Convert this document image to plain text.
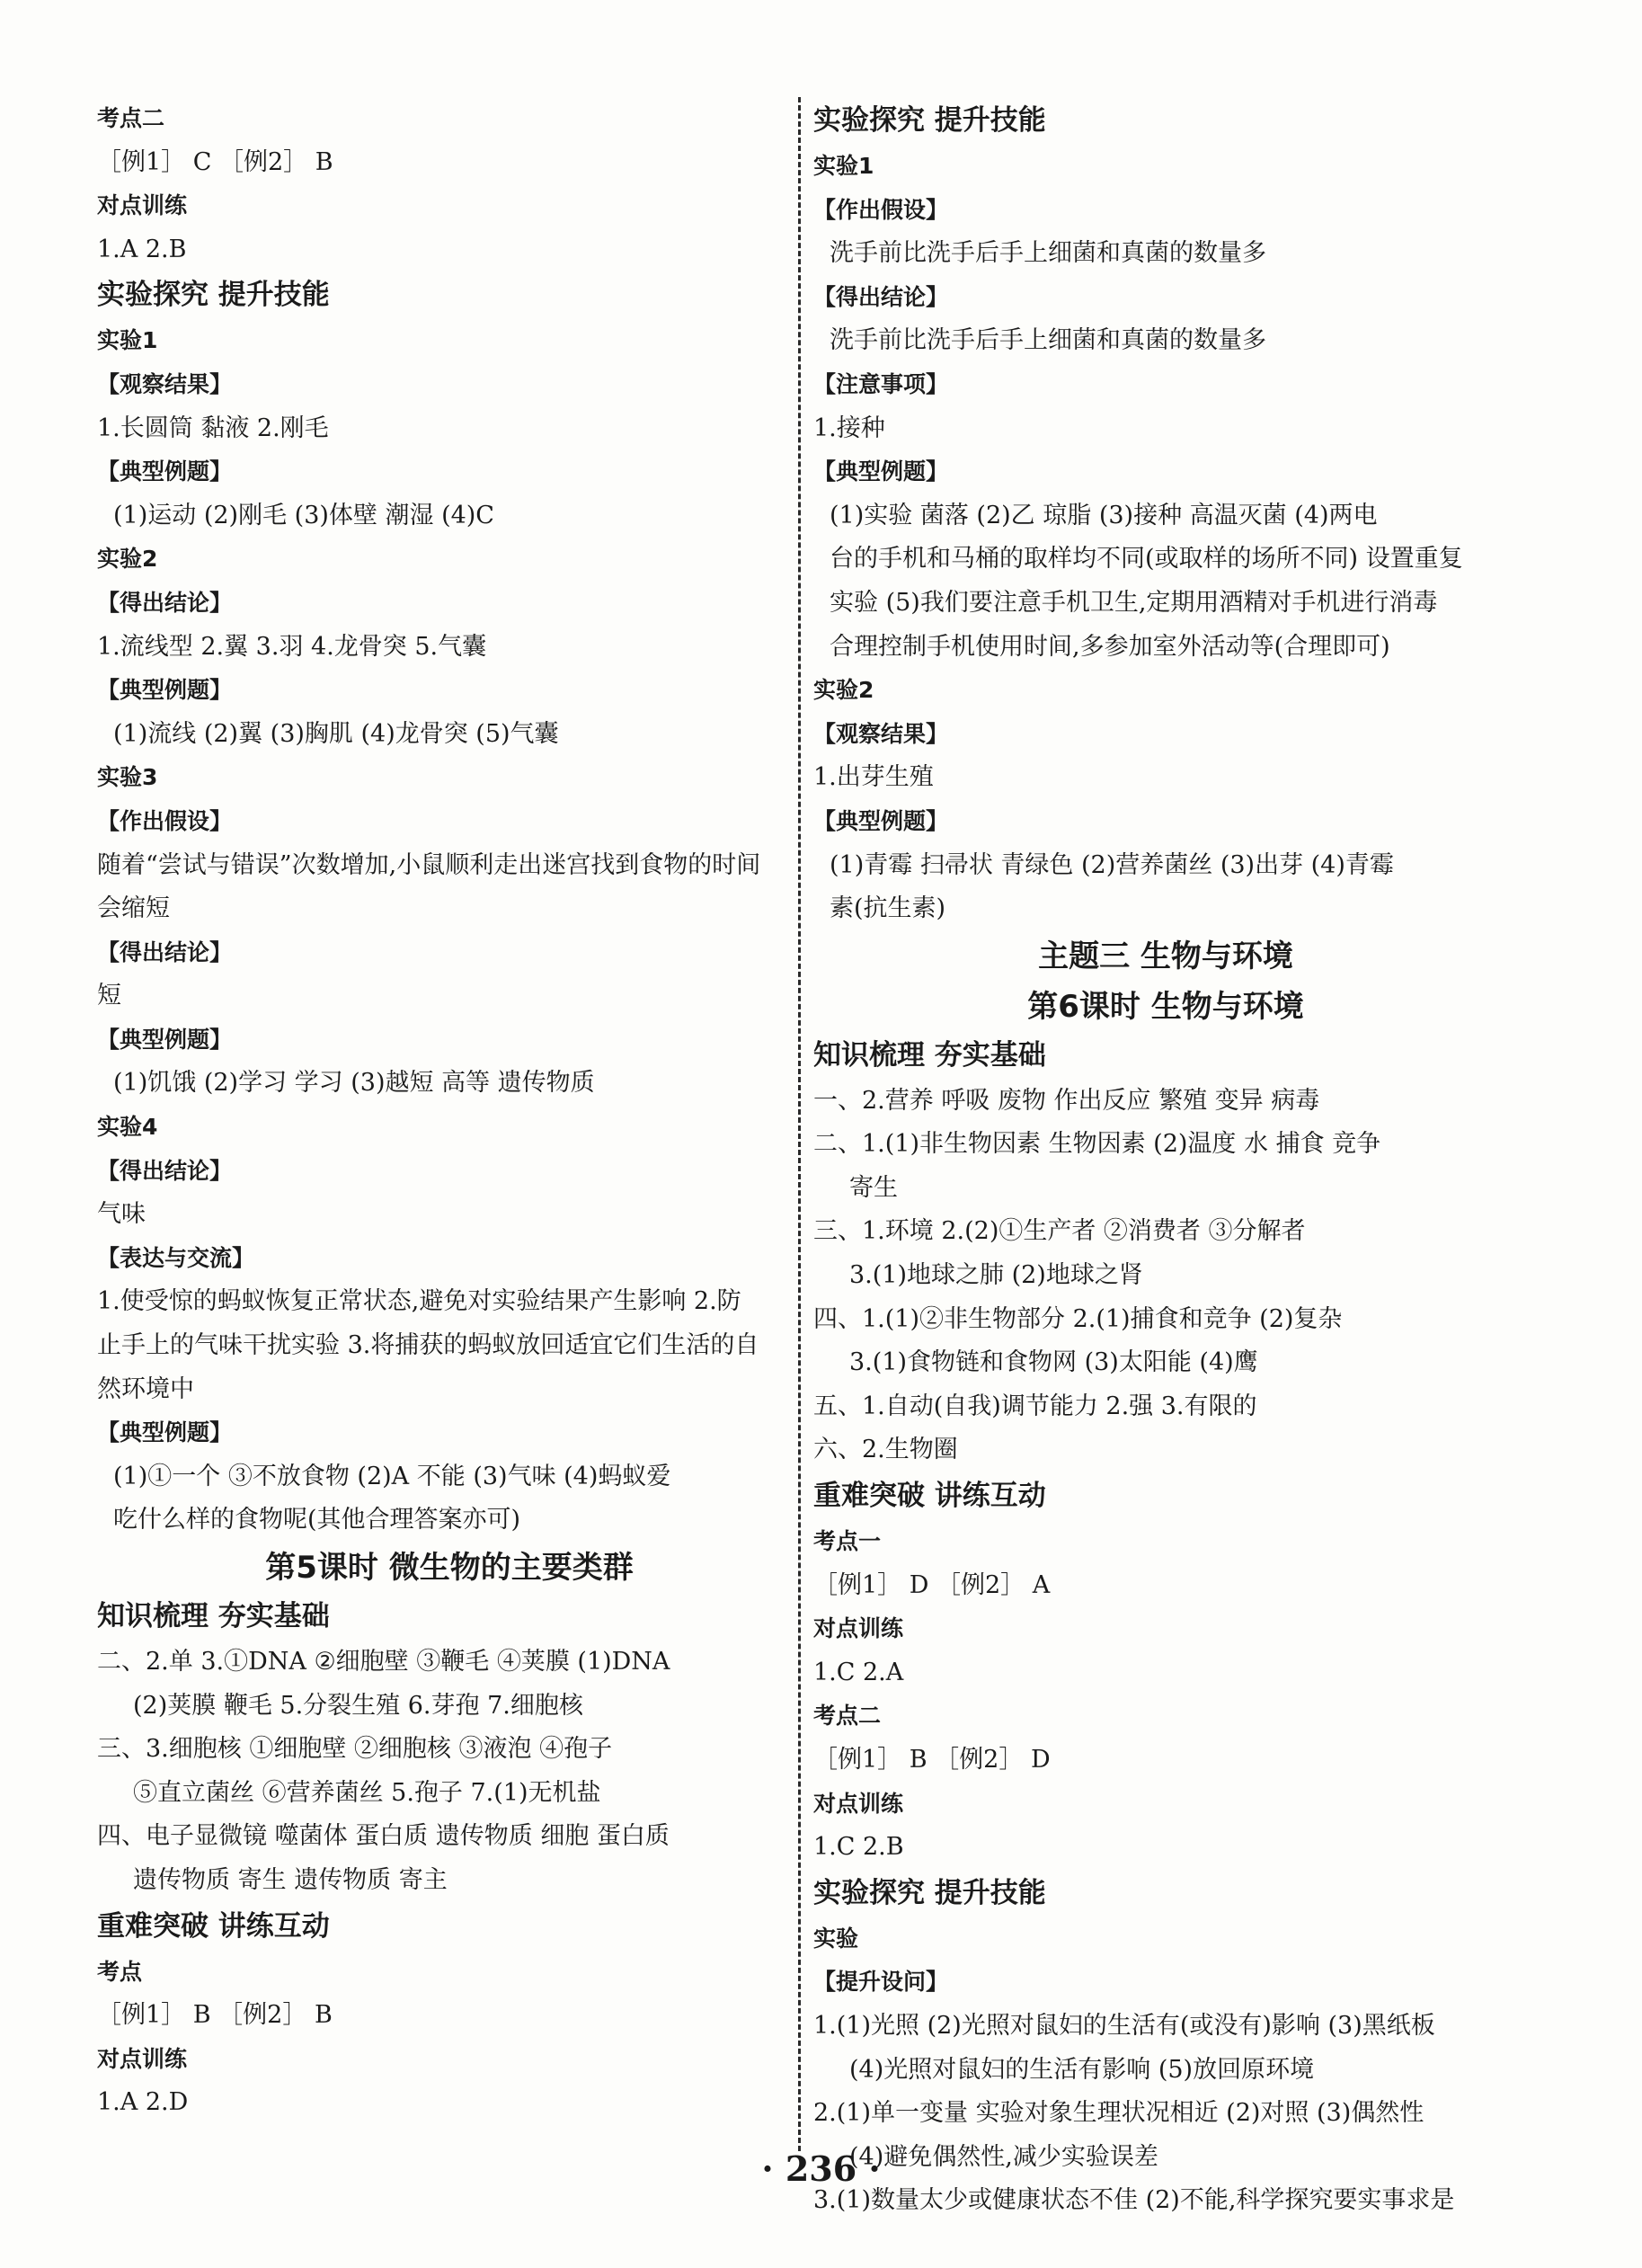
考点二
［例1］ C ［例2］ B
对点训练
1.A 2.B
实验探究 提升技能
实验1
【观察结果】
1.长圆筒 黏液 2.刚毛
【典型例题】
(1)运动 (2)刚毛 (3)体壁 潮湿 (4)C
实验2
【得出结论】
1.流线型 2.翼 3.羽 4.龙骨突 5.气囊
【典型例题】
(1)流线 (2)翼 (3)胸肌 (4)龙骨突 (5)气囊
实验3
【作出假设】
随着“尝试与错误”次数增加,小鼠顺利走出迷宫找到食物的时间
会缩短
【得出结论】
短
【典型例题】
(1)饥饿 (2)学习 学习 (3)越短 高等 遗传物质
实验4
【得出结论】
气味
【表达与交流】
1.使受惊的蚂蚁恢复正常状态,避免对实验结果产生影响 2.防
止手上的气味干扰实验 3.将捕获的蚂蚁放回适宜它们生活的自
然环境中
【典型例题】
(1)①一个 ③不放食物 (2)A 不能 (3)气味 (4)蚂蚁爱
吃什么样的食物呢(其他合理答案亦可)
第5课时 微生物的主要类群
知识梳理 夯实基础
二、2.单 3.①DNA ②细胞壁 ③鞭毛 ④荚膜 (1)DNA
(2)荚膜 鞭毛 5.分裂生殖 6.芽孢 7.细胞核
三、3.细胞核 ①细胞壁 ②细胞核 ③液泡 ④孢子
⑤直立菌丝 ⑥营养菌丝 5.孢子 7.(1)无机盐
四、电子显微镜 噬菌体 蛋白质 遗传物质 细胞 蛋白质
遗传物质 寄生 遗传物质 寄主
重难突破 讲练互动
考点
［例1］ B ［例2］ B
对点训练
1.A 2.D
实验探究 提升技能
实验1
【作出假设】
洗手前比洗手后手上细菌和真菌的数量多
【得出结论】
洗手前比洗手后手上细菌和真菌的数量多
【注意事项】
1.接种
【典型例题】
(1)实验 菌落 (2)乙 琼脂 (3)接种 高温灭菌 (4)两电
台的手机和马桶的取样均不同(或取样的场所不同) 设置重复
实验 (5)我们要注意手机卫生,定期用酒精对手机进行消毒
合理控制手机使用时间,多参加室外活动等(合理即可)
实验2
【观察结果】
1.出芽生殖
【典型例题】
(1)青霉 扫帚状 青绿色 (2)营养菌丝 (3)出芽 (4)青霉
素(抗生素)
主题三 生物与环境
第6课时 生物与环境
知识梳理 夯实基础
一、2.营养 呼吸 废物 作出反应 繁殖 变异 病毒
二、1.(1)非生物因素 生物因素 (2)温度 水 捕食 竞争
寄生
三、1.环境 2.(2)①生产者 ②消费者 ③分解者
3.(1)地球之肺 (2)地球之肾
四、1.(1)②非生物部分 2.(1)捕食和竞争 (2)复杂
3.(1)食物链和食物网 (3)太阳能 (4)鹰
五、1.自动(自我)调节能力 2.强 3.有限的
六、2.生物圈
重难突破 讲练互动
考点一
［例1］ D ［例2］ A
对点训练
1.C 2.A
考点二
［例1］ B ［例2］ D
对点训练
1.C 2.B
实验探究 提升技能
实验
【提升设问】
1.(1)光照 (2)光照对鼠妇的生活有(或没有)影响 (3)黑纸板
(4)光照对鼠妇的生活有影响 (5)放回原环境
2.(1)单一变量 实验对象生理状况相近 (2)对照 (3)偶然性
(4)避免偶然性,减少实验误差
3.(1)数量太少或健康状态不佳 (2)不能,科学探究要实事求是
· 236 ·
